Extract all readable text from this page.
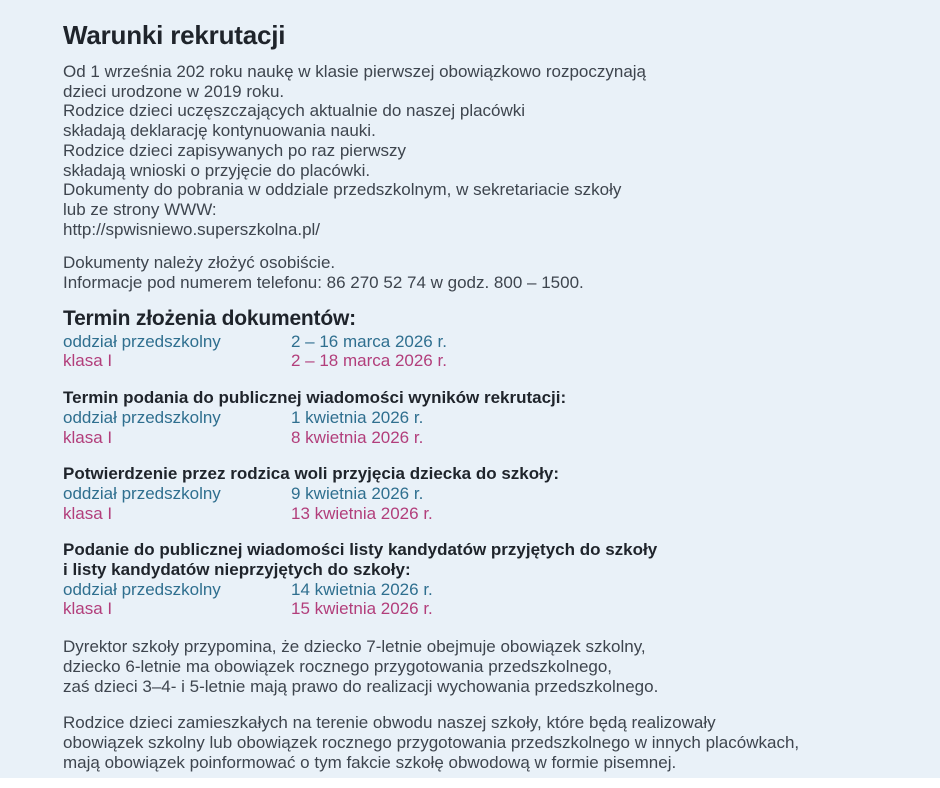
Warunki rekrutacji
Od 1 września 202 roku naukę w klasie pierwszej obowiązkowo rozpoczynają
dzieci urodzone w 2019 roku.
Rodzice dzieci uczęszczających aktualnie do naszej placówki
składają deklarację kontynuowania nauki.
Rodzice dzieci zapisywanych po raz pierwszy
składają wnioski o przyjęcie do placówki.
Dokumenty do pobrania w oddziale przedszkolnym, w sekretariacie szkoły
lub ze strony WWW:
http://spwisniewo.superszkolna.pl/
Dokumenty należy złożyć osobiście.
Informacje pod numerem telefonu: 86 270 52 74 w godz. 800 – 1500.
Termin złożenia dokumentów:
oddział przedszkolny	2 – 16 marca 2026 r.
klasa I	2 – 18 marca 2026 r.
Termin podania do publicznej wiadomości wyników rekrutacji:
oddział przedszkolny	1 kwietnia 2026 r.
klasa I	8 kwietnia 2026 r.
Potwierdzenie przez rodzica woli przyjęcia dziecka do szkoły:
oddział przedszkolny	9 kwietnia 2026 r.
klasa I	13 kwietnia 2026 r.
Podanie do publicznej wiadomości listy kandydatów przyjętych do szkoły
i listy kandydatów nieprzyjętych do szkoły:
oddział przedszkolny	14 kwietnia 2026 r.
klasa I	15 kwietnia 2026 r.
Dyrektor szkoły przypomina, że dziecko 7-letnie obejmuje obowiązek szkolny,
dziecko 6-letnie ma obowiązek rocznego przygotowania przedszkolnego,
zaś dzieci 3–4- i 5-letnie mają prawo do realizacji wychowania przedszkolnego.
Rodzice dzieci zamieszkałych na terenie obwodu naszej szkoły, które będą realizowały
obowiązek szkolny lub obowiązek rocznego przygotowania przedszkolnego w innych placówkach,
mają obowiązek poinformować o tym fakcie szkołę obwodową w formie pisemnej.
